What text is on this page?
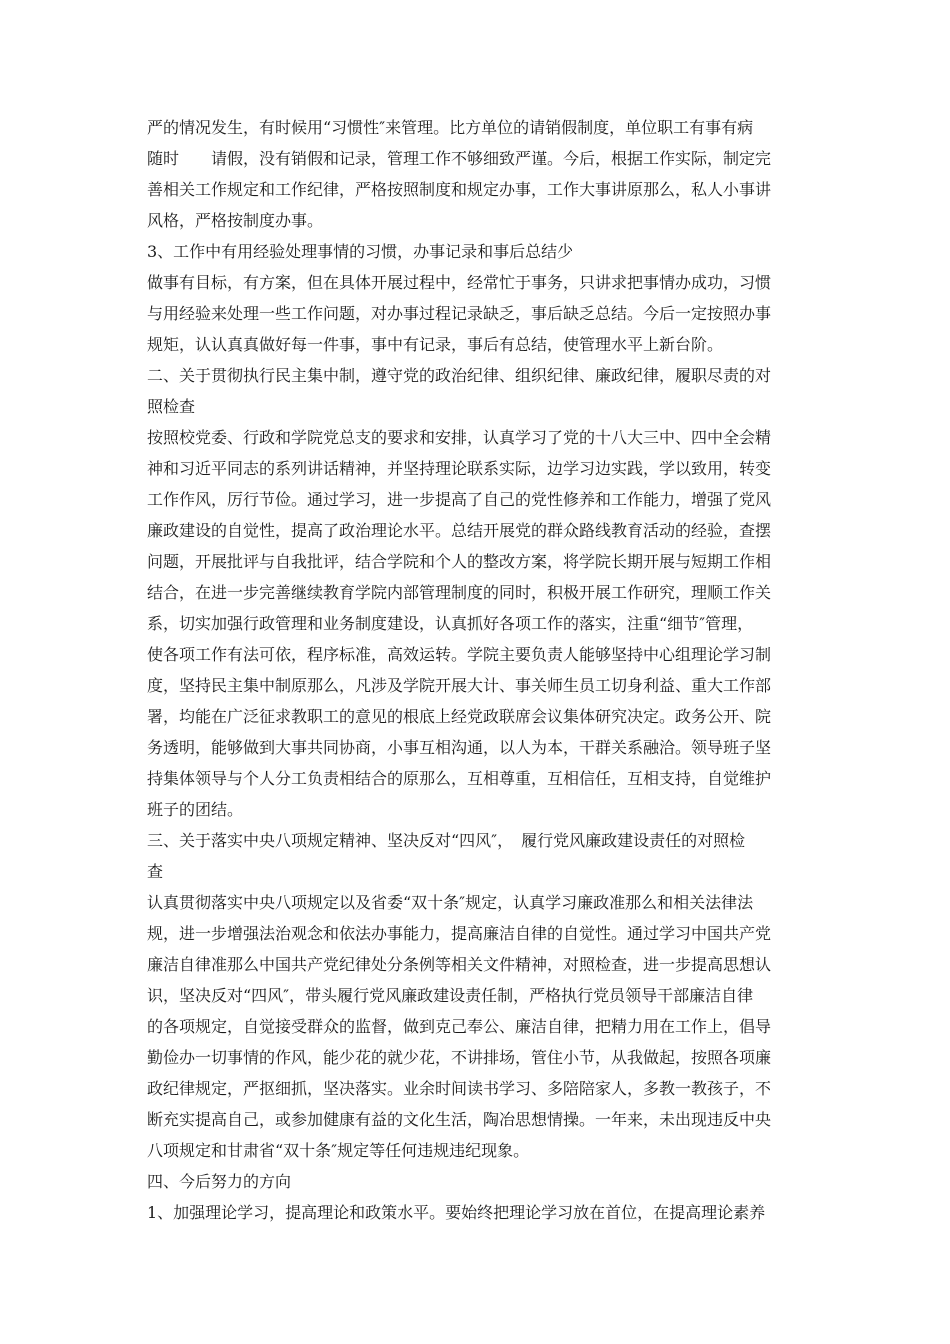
严的情况发生，有时候用“习惯性″来管理。比方单位的请销假制度，单位职工有事有病
随时　　请假，没有销假和记录，管理工作不够细致严谨。今后，根据工作实际，制定完
善相关工作规定和工作纪律，严格按照制度和规定办事，工作大事讲原那么，私人小事讲
风格，严格按制度办事。
3、工作中有用经验处理事情的习惯，办事记录和事后总结少
做事有目标，有方案，但在具体开展过程中，经常忙于事务，只讲求把事情办成功，习惯
与用经验来处理一些工作问题，对办事过程记录缺乏，事后缺乏总结。今后一定按照办事
规矩，认认真真做好每一件事，事中有记录，事后有总结，使管理水平上新台阶。
二、关于贯彻执行民主集中制，遵守党的政治纪律、组织纪律、廉政纪律，履职尽责的对
照检查
按照校党委、行政和学院党总支的要求和安排，认真学习了党的十八大三中、四中全会精
神和习近平同志的系列讲话精神，并坚持理论联系实际，边学习边实践，学以致用，转变
工作作风，厉行节俭。通过学习，进一步提高了自己的党性修养和工作能力，增强了党风
廉政建设的自觉性，提高了政治理论水平。总结开展党的群众路线教育活动的经验，查摆
问题，开展批评与自我批评，结合学院和个人的整改方案，将学院长期开展与短期工作相
结合，在进一步完善继续教育学院内部管理制度的同时，积极开展工作研究，理顺工作关
系，切实加强行政管理和业务制度建设，认真抓好各项工作的落实，注重“细节″管理，
使各项工作有法可依，程序标准，高效运转。学院主要负责人能够坚持中心组理论学习制
度，坚持民主集中制原那么，凡涉及学院开展大计、事关师生员工切身利益、重大工作部
署，均能在广泛征求教职工的意见的根底上经党政联席会议集体研究决定。政务公开、院
务透明，能够做到大事共同协商，小事互相沟通，以人为本，干群关系融洽。领导班子坚
持集体领导与个人分工负责相结合的原那么，互相尊重，互相信任，互相支持，自觉维护
班子的团结。
三、关于落实中央八项规定精神、坚决反对“四风″，　履行党风廉政建设责任的对照检
查
认真贯彻落实中央八项规定以及省委“双十条″规定，认真学习廉政准那么和相关法律法
规，进一步增强法治观念和依法办事能力，提高廉洁自律的自觉性。通过学习中国共产党
廉洁自律准那么中国共产党纪律处分条例等相关文件精神，对照检查，进一步提高思想认
识，坚决反对“四风″，带头履行党风廉政建设责任制，严格执行党员领导干部廉洁自律
的各项规定，自觉接受群众的监督，做到克己奉公、廉洁自律，把精力用在工作上，倡导
勤俭办一切事情的作风，能少花的就少花，不讲排场，管住小节，从我做起，按照各项廉
政纪律规定，严抠细抓，坚决落实。业余时间读书学习、多陪陪家人，多教一教孩子，不
断充实提高自己，或参加健康有益的文化生活，陶冶思想情操。一年来，未出现违反中央
八项规定和甘肃省“双十条″规定等任何违规违纪现象。
四、今后努力的方向
1、加强理论学习，提高理论和政策水平。要始终把理论学习放在首位，在提高理论素养
